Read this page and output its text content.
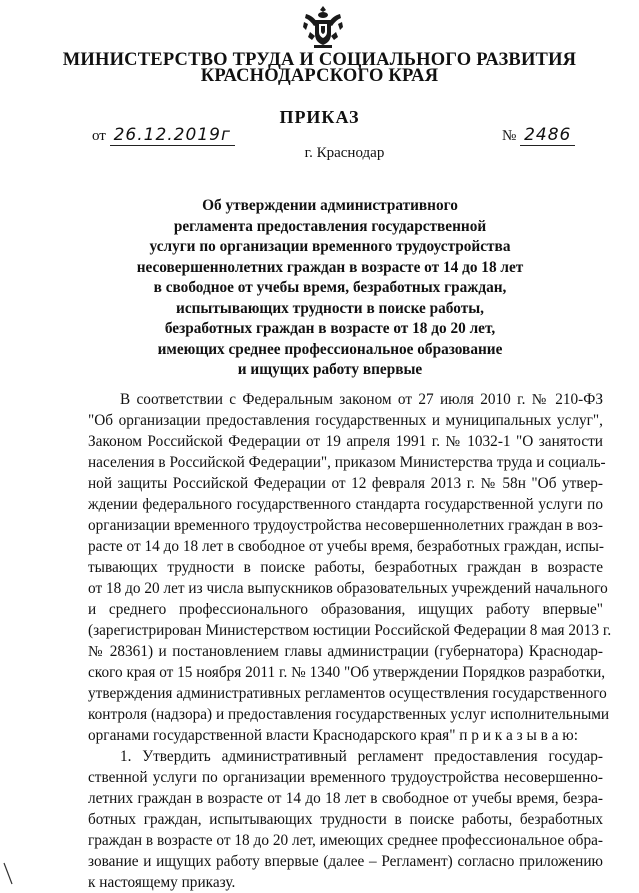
МИНИСТЕРСТВО ТРУДА И СОЦИАЛЬНОГО РАЗВИТИЯ
КРАСНОДАРСКОГО КРАЯ
ПРИКАЗ
от 26.12.2019г	№ 2486
г. Краснодар
Об утверждении административного
регламента предоставления государственной
услуги по организации временного трудоустройства
несовершеннолетних граждан в возрасте от 14 до 18 лет
в свободное от учебы время, безработных граждан,
испытывающих трудности в поиске работы,
безработных граждан в возрасте от 18 до 20 лет,
имеющих среднее профессиональное образование
и ищущих работу впервые
В соответствии с Федеральным законом от 27 июля 2010 г. № 210-ФЗ
"Об организации предоставления государственных и муниципальных услуг",
Законом Российской Федерации от 19 апреля 1991 г. № 1032-1 "О занятости
населения в Российской Федерации", приказом Министерства труда и социаль-
ной защиты Российской Федерации от 12 февраля 2013 г. № 58н "Об утвер-
ждении федерального государственного стандарта государственной услуги по
организации временного трудоустройства несовершеннолетних граждан в воз-
расте от 14 до 18 лет в свободное от учебы время, безработных граждан, испы-
тывающих трудности в поиске работы, безработных граждан в возрасте
от 18 до 20 лет из числа выпускников образовательных учреждений начального
и среднего профессионального образования, ищущих работу впервые"
(зарегистрирован Министерством юстиции Российской Федерации 8 мая 2013 г.
№ 28361) и постановлением главы администрации (губернатора) Краснодар-
ского края от 15 ноября 2011 г. № 1340 "Об утверждении Порядков разработки,
утверждения административных регламентов осуществления государственного
контроля (надзора) и предоставления государственных услуг исполнительными
органами государственной власти Краснодарского края" п р и к а з ы в а ю:
1. Утвердить административный регламент предоставления государ-
ственной услуги по организации временного трудоустройства несовершенно-
летних граждан в возрасте от 14 до 18 лет в свободное от учебы время, безра-
ботных граждан, испытывающих трудности в поиске работы, безработных
граждан в возрасте от 18 до 20 лет, имеющих среднее профессиональное обра-
зование и ищущих работу впервые (далее – Регламент) согласно приложению
к настоящему приказу.
